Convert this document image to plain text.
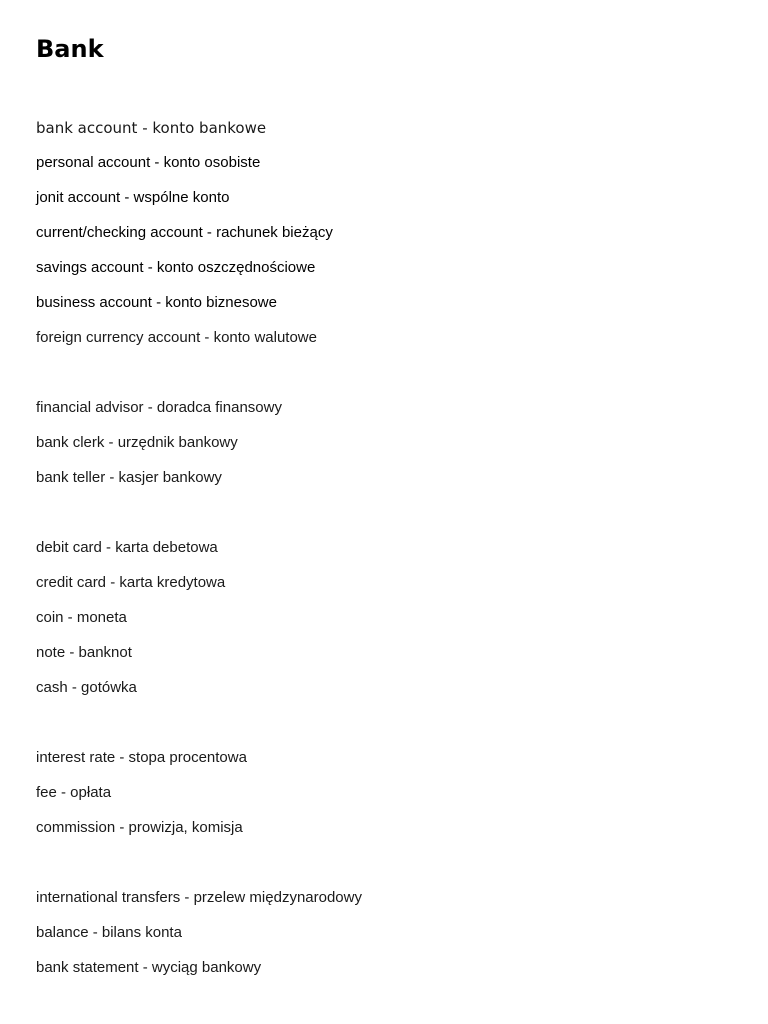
Bank
bank account - konto bankowe
personal account - konto osobiste
jonit account - wspólne konto
current/checking account - rachunek bieżący
savings account - konto oszczędnościowe
business account - konto biznesowe
foreign currency account - konto walutowe
financial advisor - doradca finansowy
bank clerk - urzędnik bankowy
bank teller - kasjer bankowy
debit card - karta debetowa
credit card - karta kredytowa
coin - moneta
note - banknot
cash - gotówka
interest rate - stopa procentowa
fee - opłata
commission - prowizja, komisja
international transfers - przelew międzynarodowy
balance - bilans konta
bank statement - wyciąg bankowy
